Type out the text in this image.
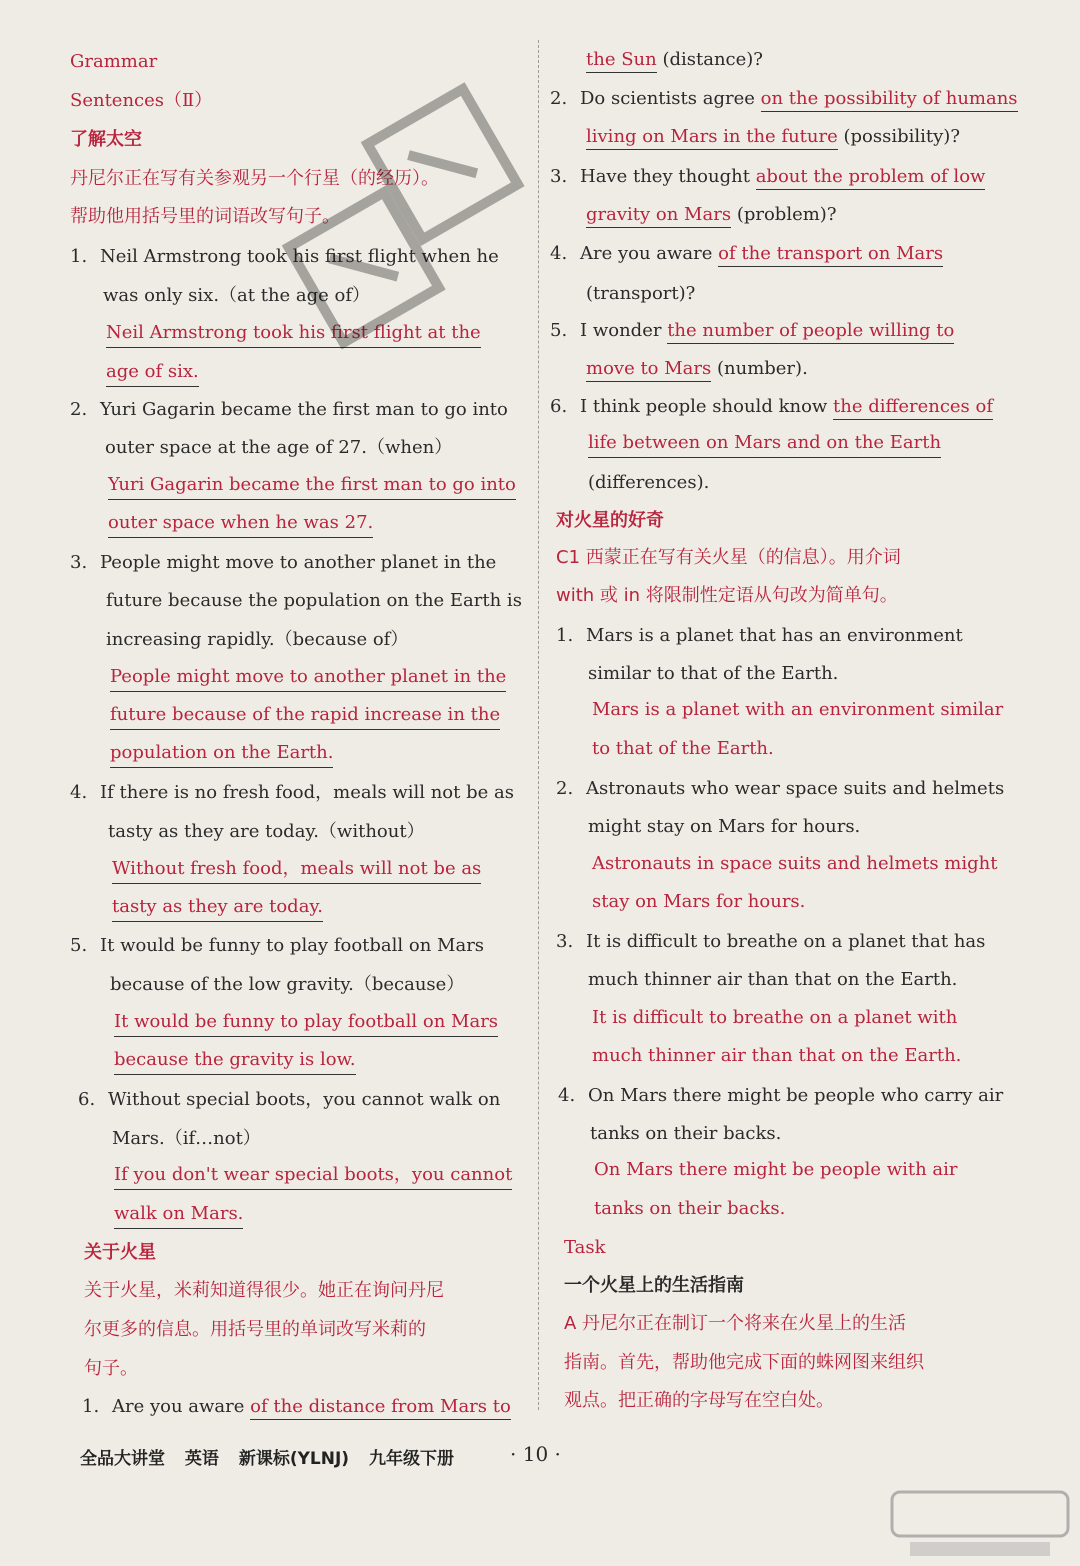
Grammar
Sentences（Ⅱ）
了解太空
丹尼尔正在写有关参观另一个行星（的经历）。
帮助他用括号里的词语改写句子。
1. Neil Armstrong took his first flight when he
was only six.（at the age of）
Neil Armstrong took his first flight at the
age of six.
2. Yuri Gagarin became the first man to go into
outer space at the age of 27.（when）
Yuri Gagarin became the first man to go into
outer space when he was 27.
3. People might move to another planet in the
future because the population on the Earth is
increasing rapidly.（because of）
People might move to another planet in the
future because of the rapid increase in the
population on the Earth.
4. If there is no fresh food，meals will not be as
tasty as they are today.（without）
Without fresh food，meals will not be as
tasty as they are today.
5. It would be funny to play football on Mars
because of the low gravity.（because）
It would be funny to play football on Mars
because the gravity is low.
6. Without special boots，you cannot walk on
Mars.（if…not）
If you don't wear special boots，you cannot
walk on Mars.
关于火星
关于火星，米莉知道得很少。她正在询问丹尼
尔更多的信息。用括号里的单词改写米莉的
句子。
1. Are you aware of the distance from Mars to
the Sun (distance)?
2. Do scientists agree on the possibility of humans
living on Mars in the future (possibility)?
3. Have they thought about the problem of low
gravity on Mars (problem)?
4. Are you aware of the transport on Mars
(transport)?
5. I wonder the number of people willing to
move to Mars (number).
6. I think people should know the differences of
life between on Mars and on the Earth
(differences).
对火星的好奇
C1 西蒙正在写有关火星（的信息）。用介词
with 或 in 将限制性定语从句改为简单句。
1. Mars is a planet that has an environment
similar to that of the Earth.
Mars is a planet with an environment similar
to that of the Earth.
2. Astronauts who wear space suits and helmets
might stay on Mars for hours.
Astronauts in space suits and helmets might
stay on Mars for hours.
3. It is difficult to breathe on a planet that has
much thinner air than that on the Earth.
It is difficult to breathe on a planet with
much thinner air than that on the Earth.
4. On Mars there might be people who carry air
tanks on their backs.
On Mars there might be people with air
tanks on their backs.
Task
一个火星上的生活指南
A 丹尼尔正在制订一个将来在火星上的生活
指南。首先，帮助他完成下面的蛛网图来组织
观点。把正确的字母写在空白处。
全品大讲堂 英语 新课标(YLNJ) 九年级下册	· 10 ·
